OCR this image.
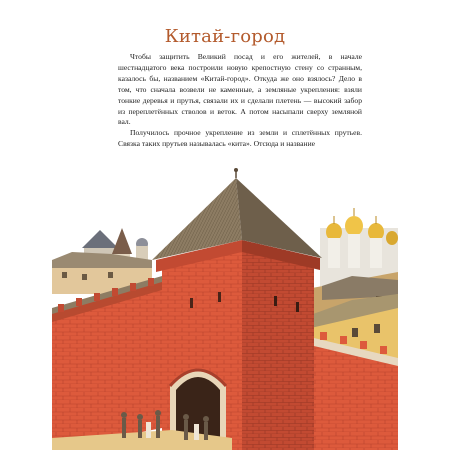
Китай-город

Чтобы защитить Великий посад и его жителей, в начале шестнадцатого века построили новую крепостную стену со странным, казалось бы, названием «Китай-город». Откуда же оно взялось? Дело в том, что сначала возвели не каменные, а земляные укрепления: взяли тонкие деревья и прутья, связали их и сделали плетень — высокий забор из переплетённых стволов и веток. А потом насыпали сверху земляной вал.

Получилось прочное укрепление из земли и сплетённых прутьев. Связка таких прутьев называлась «кита». Отсюда и название
